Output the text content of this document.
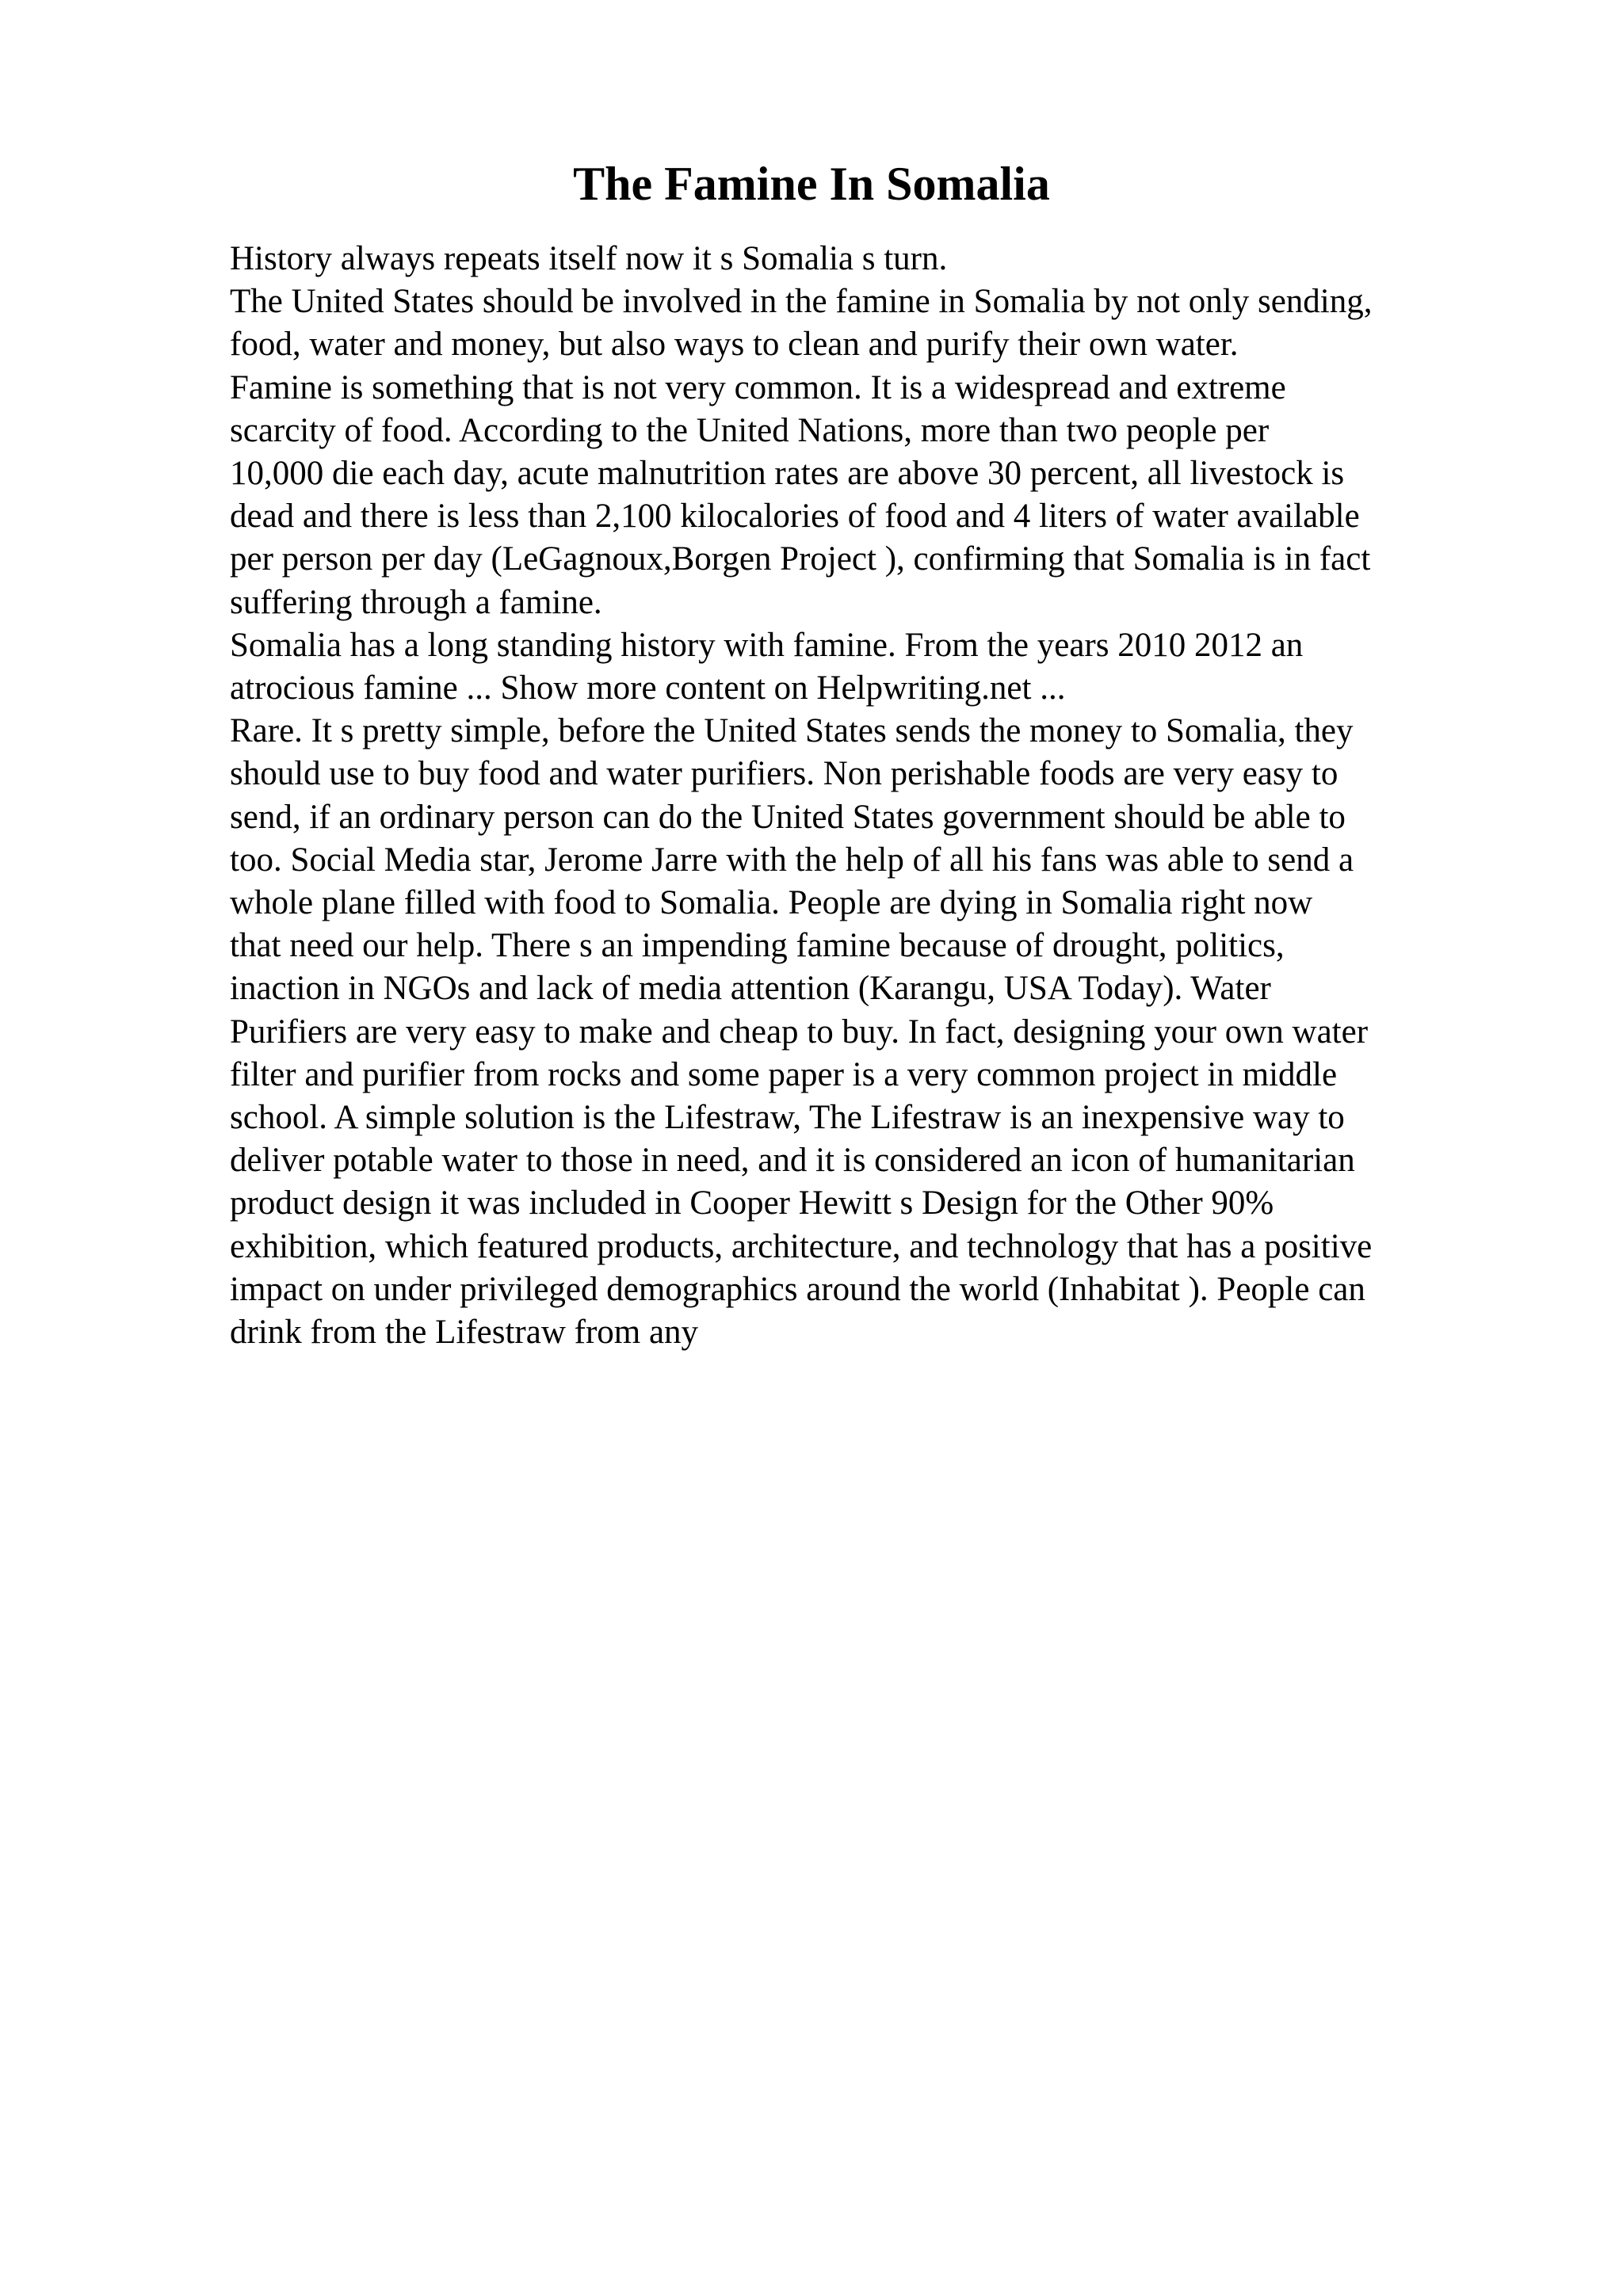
The Famine In Somalia

History always repeats itself now it s Somalia s turn.

The United States should be involved in the famine in Somalia by not only sending,
food, water and money, but also ways to clean and purify their own water.

Famine is something that is not very common. It is a widespread and extreme
scarcity of food. According to the United Nations, more than two people per
10,000 die each day, acute malnutrition rates are above 30 percent, all livestock is
dead and there is less than 2,100 kilocalories of food and 4 liters of water available
per person per day (LeGagnoux,Borgen Project ), confirming that Somalia is in fact
suffering through a famine.

Somalia has a long standing history with famine. From the years 2010 2012 an
atrocious famine ... Show more content on Helpwriting.net ...

Rare. It s pretty simple, before the United States sends the money to Somalia, they
should use to buy food and water purifiers. Non perishable foods are very easy to
send, if an ordinary person can do the United States government should be able to
too. Social Media star, Jerome Jarre with the help of all his fans was able to send a
whole plane filled with food to Somalia. People are dying in Somalia right now
that need our help. There s an impending famine because of drought, politics,
inaction in NGOs and lack of media attention (Karangu, USA Today). Water
Purifiers are very easy to make and cheap to buy. In fact, designing your own water
filter and purifier from rocks and some paper is a very common project in middle
school. A simple solution is the Lifestraw, The Lifestraw is an inexpensive way to
deliver potable water to those in need, and it is considered an icon of humanitarian
product design it was included in Cooper Hewitt s Design for the Other 90%
exhibition, which featured products, architecture, and technology that has a positive
impact on under privileged demographics around the world (Inhabitat ). People can
drink from the Lifestraw from any
